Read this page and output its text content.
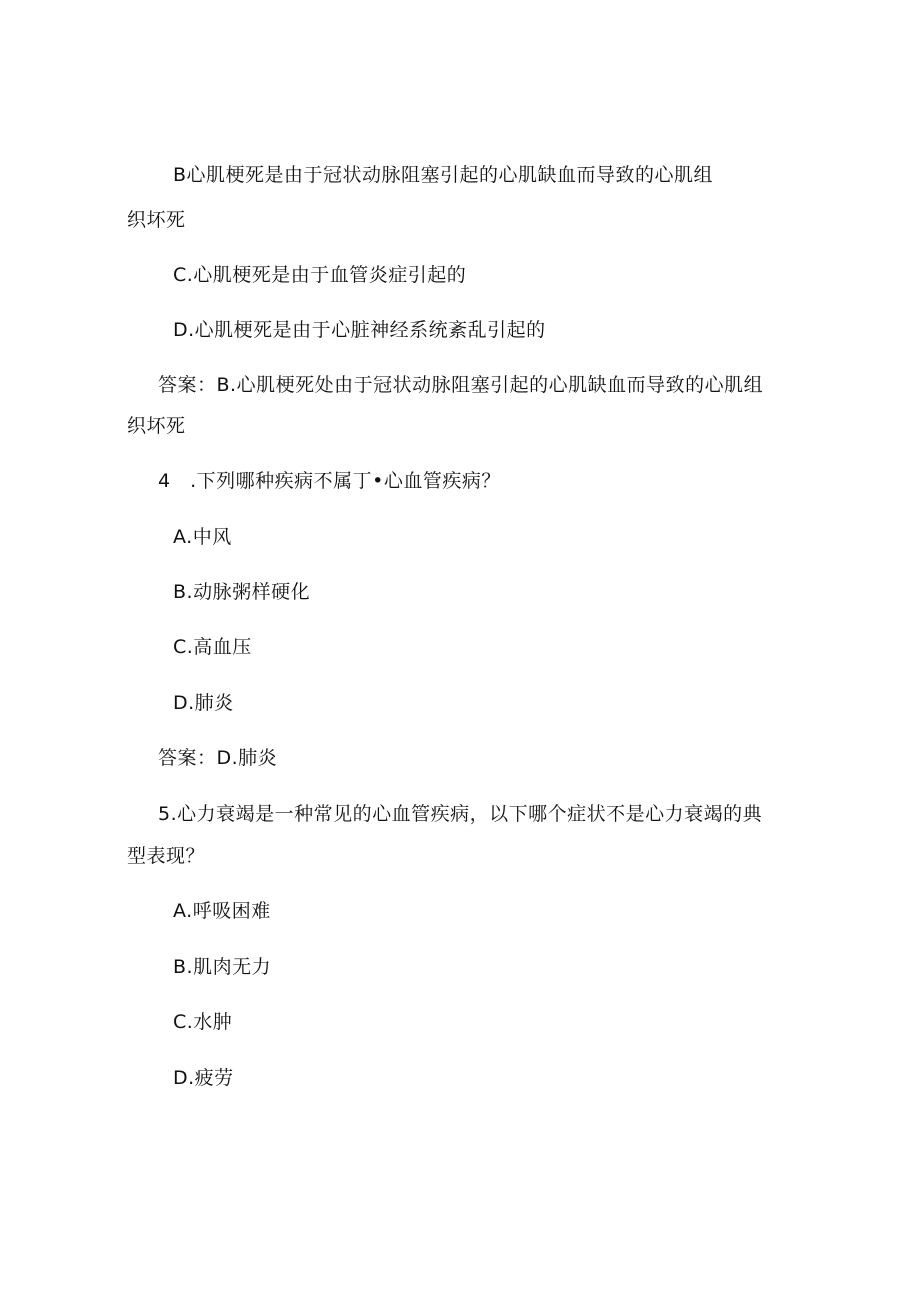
B心肌梗死是由于冠状动脉阻塞引起的心肌缺血而导致的心肌组
织坏死
C.心肌梗死是由于血管炎症引起的
D.心肌梗死是由于心脏神经系统紊乱引起的
答案：B.心肌梗死处由于冠状动脉阻塞引起的心肌缺血而导致的心肌组
织坏死
4　.下列哪种疾病不属丁•心血管疾病？
A.中风
B.动脉粥样硬化
C.高血压
D.肺炎
答案：D.肺炎
5.心力衰竭是一种常见的心血管疾病，以下哪个症状不是心力衰竭的典
型表现？
A.呼吸困难
B.肌肉无力
C.水肿
D.疲劳
